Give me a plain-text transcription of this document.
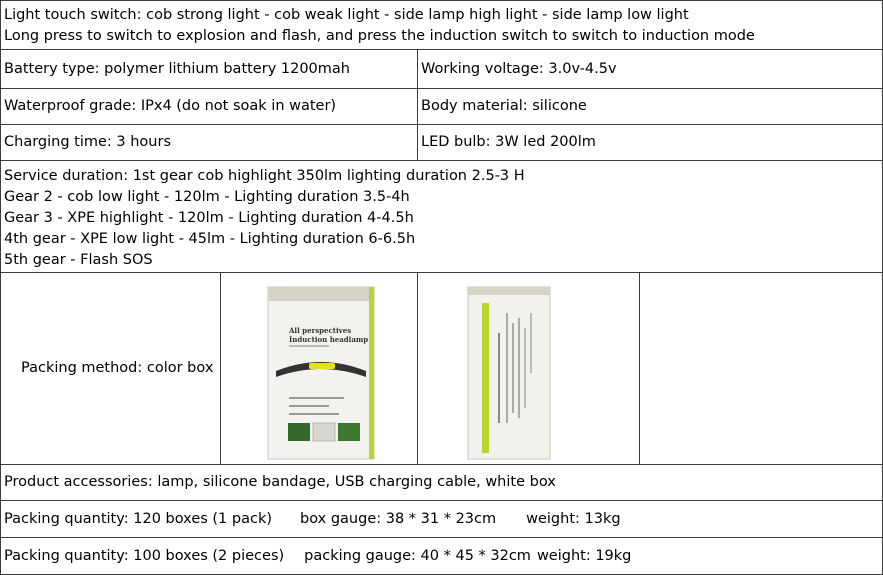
Light touch switch: cob strong light - cob weak light - side lamp high light - side lamp low light
Long press to switch to explosion and flash, and press the induction switch to switch to induction mode
Battery type: polymer lithium battery 1200mah	Working voltage: 3.0v-4.5v
Waterproof grade: IPx4 (do not soak in water)	Body material: silicone
Charging time: 3 hours	LED bulb: 3W led 200lm
Service duration: 1st gear cob highlight 350lm lighting duration 2.5-3 H
Gear 2 - cob low light - 120lm - Lighting duration 3.5-4h
Gear 3 - XPE highlight - 120lm - Lighting duration 4-4.5h
4th gear - XPE low light - 45lm - Lighting duration 6-6.5h
5th gear - Flash SOS
Packing method: color box
All perspectives
Induction headlamp
Product accessories: lamp, silicone bandage, USB charging cable, white box
Packing quantity: 120 boxes (1 pack) box gauge: 38 * 31 * 23cm weight: 13kg
Packing quantity: 100 boxes (2 pieces) packing gauge: 40 * 45 * 32cm weight: 19kg
